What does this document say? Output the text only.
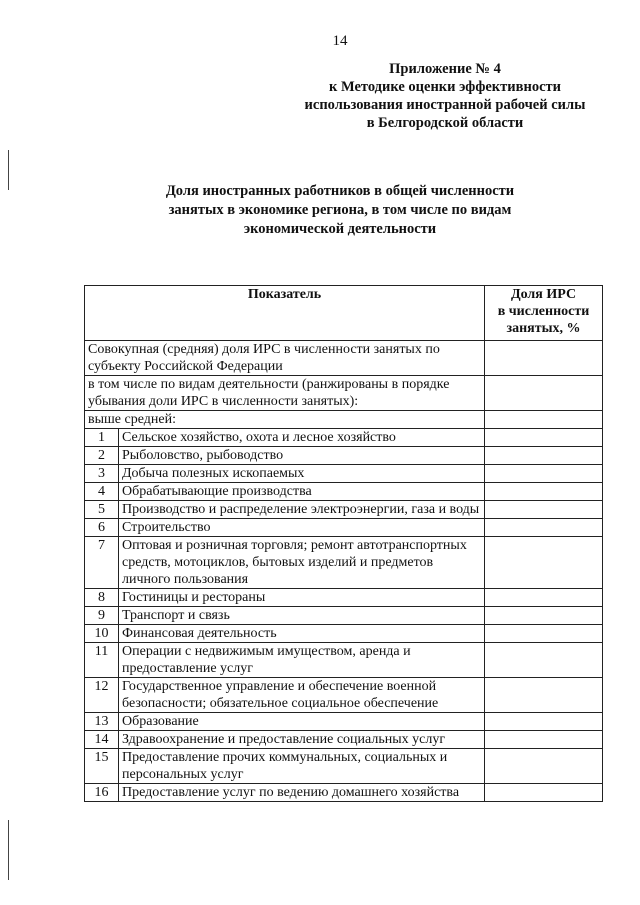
14
Приложение № 4
к Методике оценки эффективности
использования иностранной рабочей силы
в Белгородской области
Доля иностранных работников в общей численности
занятых в экономике региона, в том числе по видам
экономической деятельности
Показатель		Доля ИРС
в численности
занятых, %

Совокупная (средняя) доля ИРС в численности занятых по субъекту Российской Федерации		
в том числе по видам деятельности (ранжированы в порядке убывания доли ИРС в численности занятых):		
выше средней:		
1	Сельское хозяйство, охота и лесное хозяйство	
2	Рыболовство, рыбоводство	
3	Добыча полезных ископаемых	
4	Обрабатывающие производства	
5	Производство и распределение электроэнергии, газа и воды	
6	Строительство	
7	Оптовая и розничная торговля; ремонт автотранспортных средств, мотоциклов, бытовых изделий и предметов личного пользования	
8	Гостиницы и рестораны	
9	Транспорт и связь	
10	Финансовая деятельность	
11	Операции с недвижимым имуществом, аренда и предоставление услуг	
12	Государственное управление и обеспечение военной безопасности; обязательное социальное обеспечение	
13	Образование	
14	Здравоохранение и предоставление социальных услуг	
15	Предоставление прочих коммунальных, социальных и персональных услуг	
16	Предоставление услуг по ведению домашнего хозяйства	
